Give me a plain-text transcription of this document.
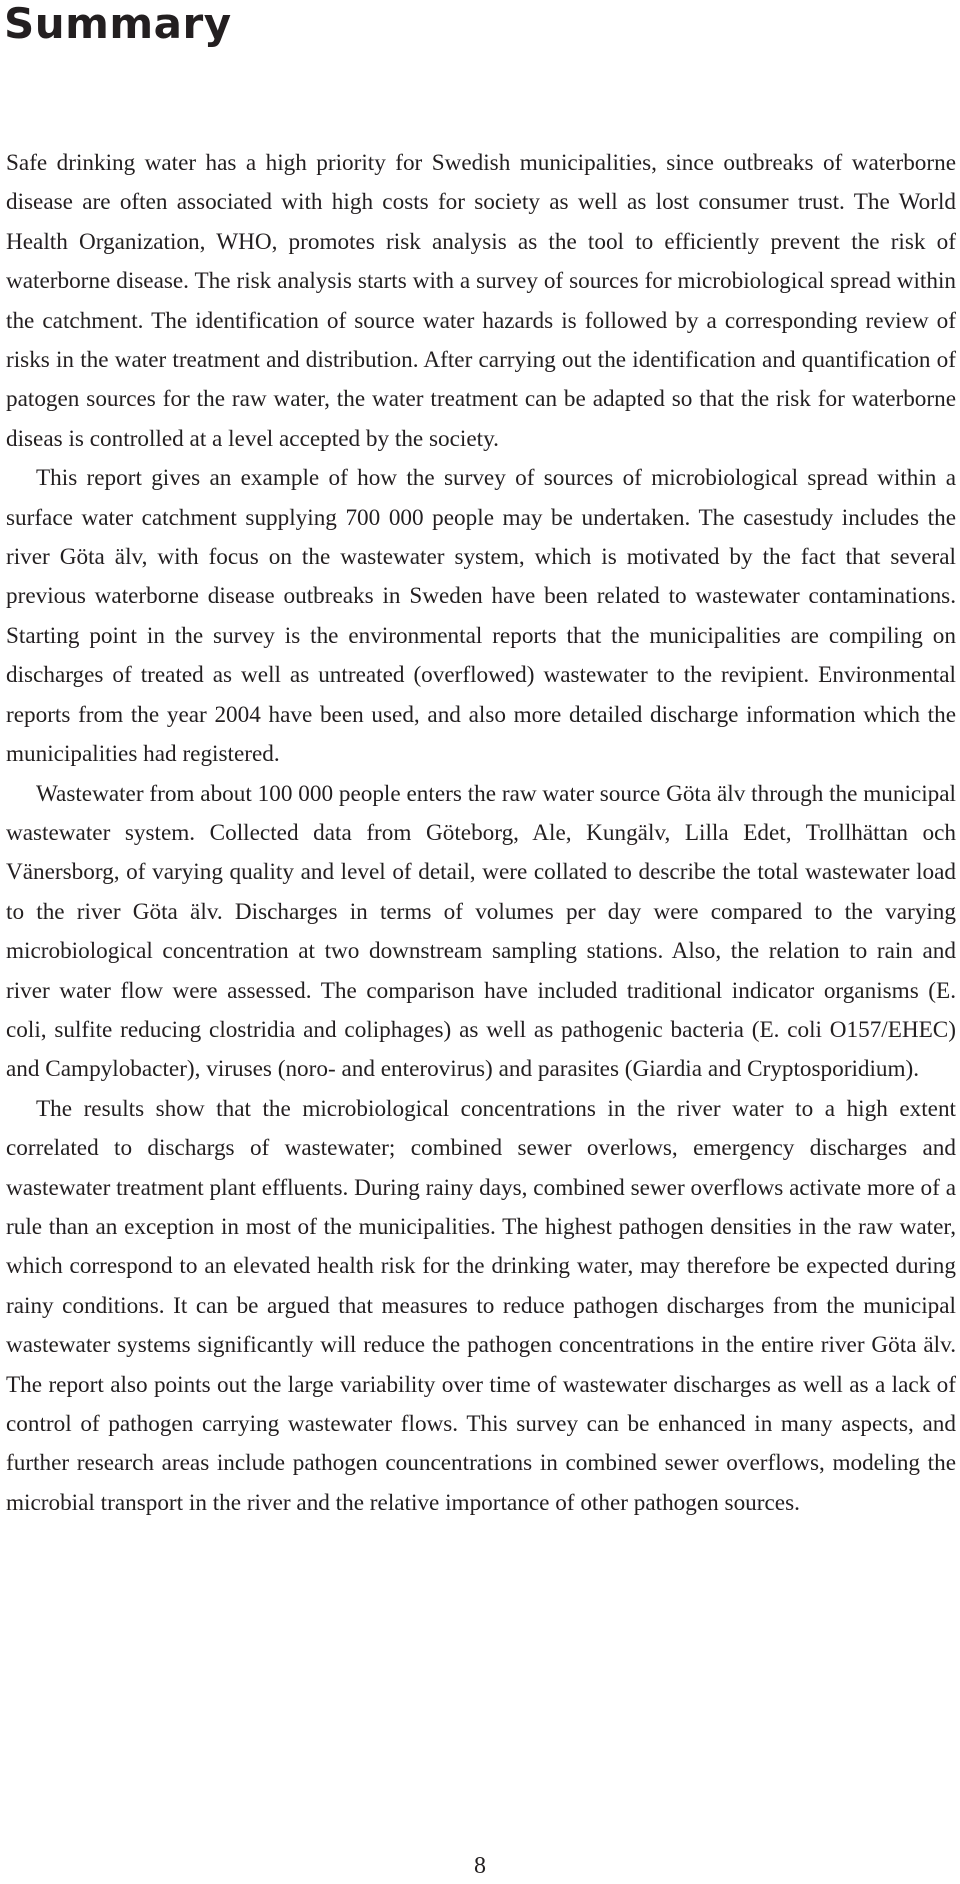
Summary

Safe drinking water has a high priority for Swedish municipalities, since outbreaks of waterborne disease are often associated with high costs for society as well as lost consumer trust. The World Health Organization, WHO, promotes risk analysis as the tool to efficiently prevent the risk of waterborne disease. The risk analysis starts with a survey of sources for microbiological spread within the catchment. The identification of source water hazards is followed by a corresponding review of risks in the water treatment and distribution. After carrying out the identification and quantification of patogen sources for the raw water, the water treatment can be adapted so that the risk for waterborne diseas is controlled at a level accepted by the society.

This report gives an example of how the survey of sources of microbiological spread within a surface water catchment supplying 700 000 people may be undertaken. The casestudy includes the river Göta älv, with focus on the wastewater system, which is motivated by the fact that several previous waterborne disease outbreaks in Sweden have been related to wastewater contaminations. Starting point in the survey is the environmental reports that the municipalities are compiling on discharges of treated as well as untreated (overflowed) wastewater to the revipient. Environmental reports from the year 2004 have been used, and also more detailed discharge information which the municipalities had registered.

Wastewater from about 100 000 people enters the raw water source Göta älv through the municipal wastewater system. Collected data from Göteborg, Ale, Kungälv, Lilla Edet, Trollhättan och Vänersborg, of varying quality and level of detail, were collated to describe the total wastewater load to the river Göta älv. Discharges in terms of volumes per day were compared to the varying microbiological concentration at two downstream sampling stations. Also, the relation to rain and river water flow were assessed. The comparison have included traditional indicator organisms (E. coli, sulfite reducing clostridia and coliphages) as well as pathogenic bacteria (E. coli O157/EHEC) and Campylobacter), viruses (noro- and enterovirus) and parasites (Giardia and Cryptosporidium).

The results show that the microbiological concentrations in the river water to a high extent correlated to dischargs of wastewater; combined sewer overlows, emergency discharges and wastewater treatment plant effluents. During rainy days, combined sewer overflows activate more of a rule than an exception in most of the municipalities. The highest pathogen densities in the raw water, which correspond to an elevated health risk for the drinking water, may therefore be expected during rainy conditions. It can be argued that measures to reduce pathogen discharges from the municipal wastewater systems significantly will reduce the pathogen concentrations in the entire river Göta älv. The report also points out the large variability over time of wastewater discharges as well as a lack of control of pathogen carrying wastewater flows. This survey can be enhanced in many aspects, and further research areas include pathogen councentrations in combined sewer overflows, modeling the microbial transport in the river and the relative importance of other pathogen sources.

8
